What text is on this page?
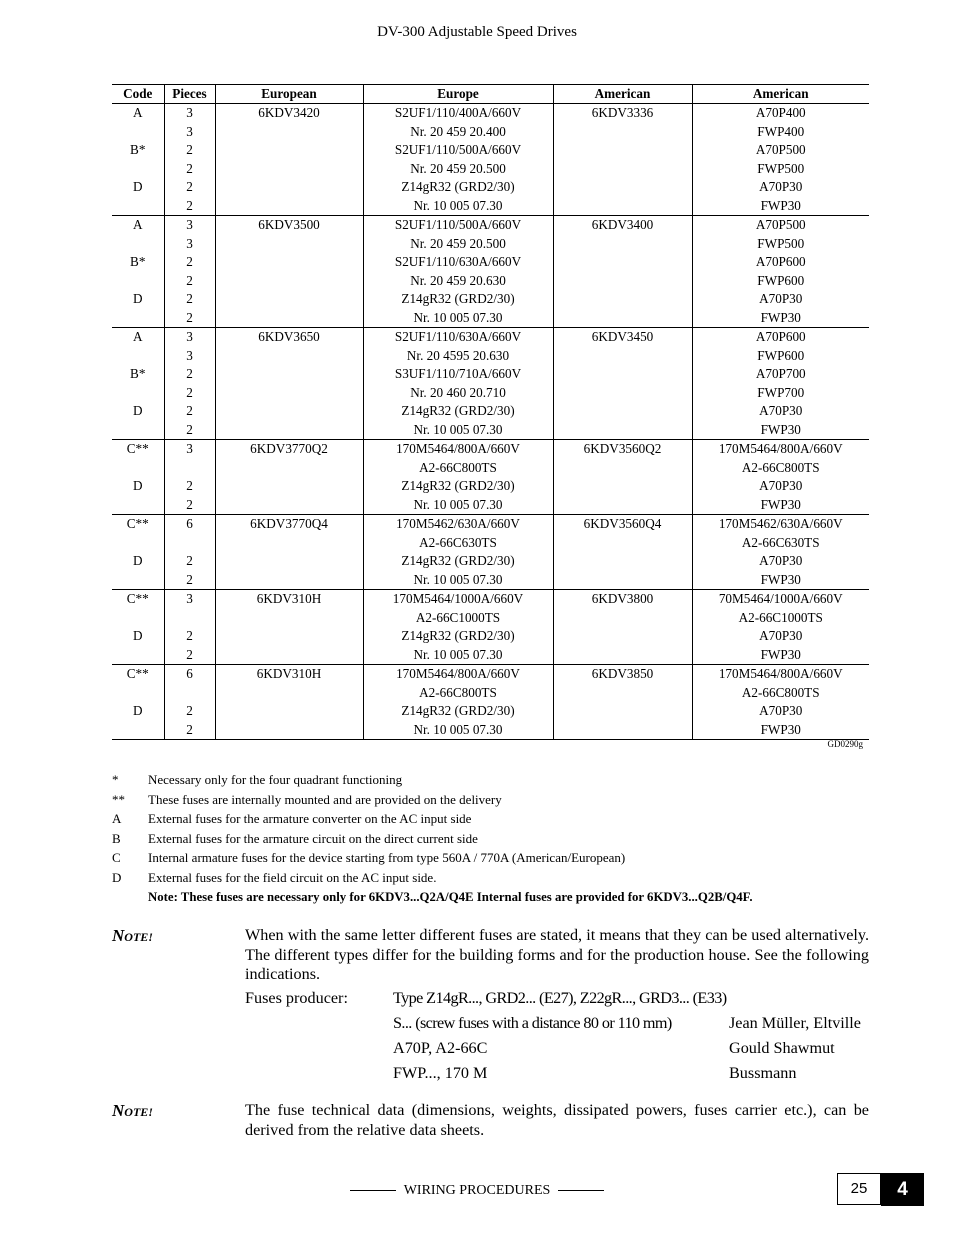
DV-300 Adjustable Speed Drives
Code	Pieces	European	Europe	American	American
A	3	6KDV3420	S2UF1/110/400A/660V	6KDV3336	A70P400
	3		Nr. 20 459 20.400		FWP400
B*	2		S2UF1/110/500A/660V		A70P500
	2		Nr. 20 459 20.500		FWP500
D	2		Z14gR32 (GRD2/30)		A70P30
	2		Nr. 10 005 07.30		FWP30
A	3	6KDV3500	S2UF1/110/500A/660V	6KDV3400	A70P500
	3		Nr. 20 459 20.500		FWP500
B*	2		S2UF1/110/630A/660V		A70P600
	2		Nr. 20 459 20.630		FWP600
D	2		Z14gR32 (GRD2/30)		A70P30
	2		Nr. 10 005 07.30		FWP30
A	3	6KDV3650	S2UF1/110/630A/660V	6KDV3450	A70P600
	3		Nr. 20 4595 20.630		FWP600
B*	2		S3UF1/110/710A/660V		A70P700
	2		Nr. 20 460 20.710		FWP700
D	2		Z14gR32 (GRD2/30)		A70P30
	2		Nr. 10 005 07.30		FWP30
C**	3	6KDV3770Q2	170M5464/800A/660V	6KDV3560Q2	170M5464/800A/660V
			A2-66C800TS		A2-66C800TS
D	2		Z14gR32 (GRD2/30)		A70P30
	2		Nr. 10 005 07.30		FWP30
C**	6	6KDV3770Q4	170M5462/630A/660V	6KDV3560Q4	170M5462/630A/660V
			A2-66C630TS		A2-66C630TS
D	2		Z14gR32 (GRD2/30)		A70P30
	2		Nr. 10 005 07.30		FWP30
C**	3	6KDV310H	170M5464/1000A/660V	6KDV3800	70M5464/1000A/660V
			A2-66C1000TS		A2-66C1000TS
D	2		Z14gR32 (GRD2/30)		A70P30
	2		Nr. 10 005 07.30		FWP30
C**	6	6KDV310H	170M5464/800A/660V	6KDV3850	170M5464/800A/660V
			A2-66C800TS		A2-66C800TS
D	2		Z14gR32 (GRD2/30)		A70P30
	2		Nr. 10 005 07.30		FWP30
GD0290g
*	Necessary only for the four quadrant functioning
**	These fuses are internally mounted and are provided on the delivery
A	External fuses for the armature converter on the AC input side
B	External fuses for the armature circuit on the direct current side
C	Internal armature fuses for the device starting from type 560A / 770A (American/European)
D	External fuses for the field circuit on the AC input side.
Note: These fuses are necessary only for 6KDV3...Q2A/Q4E Internal fuses are provided for 6KDV3...Q2B/Q4F.
NOTE!	When with the same letter different fuses are stated, it means that they can be used alternatively. The different types differ for the building forms and for the production house. See the following indications.
Fuses producer:	Type Z14gR..., GRD2... (E27), Z22gR..., GRD3... (E33)
S... (screw fuses with a distance 80 or 110 mm)	Jean Müller, Eltville
A70P, A2-66C	Gould Shawmut
FWP..., 170 M	Bussmann
NOTE!	The fuse technical data (dimensions, weights, dissipated powers, fuses carrier etc.), can be derived from the relative data sheets.
WIRING PROCEDURES	25	4
